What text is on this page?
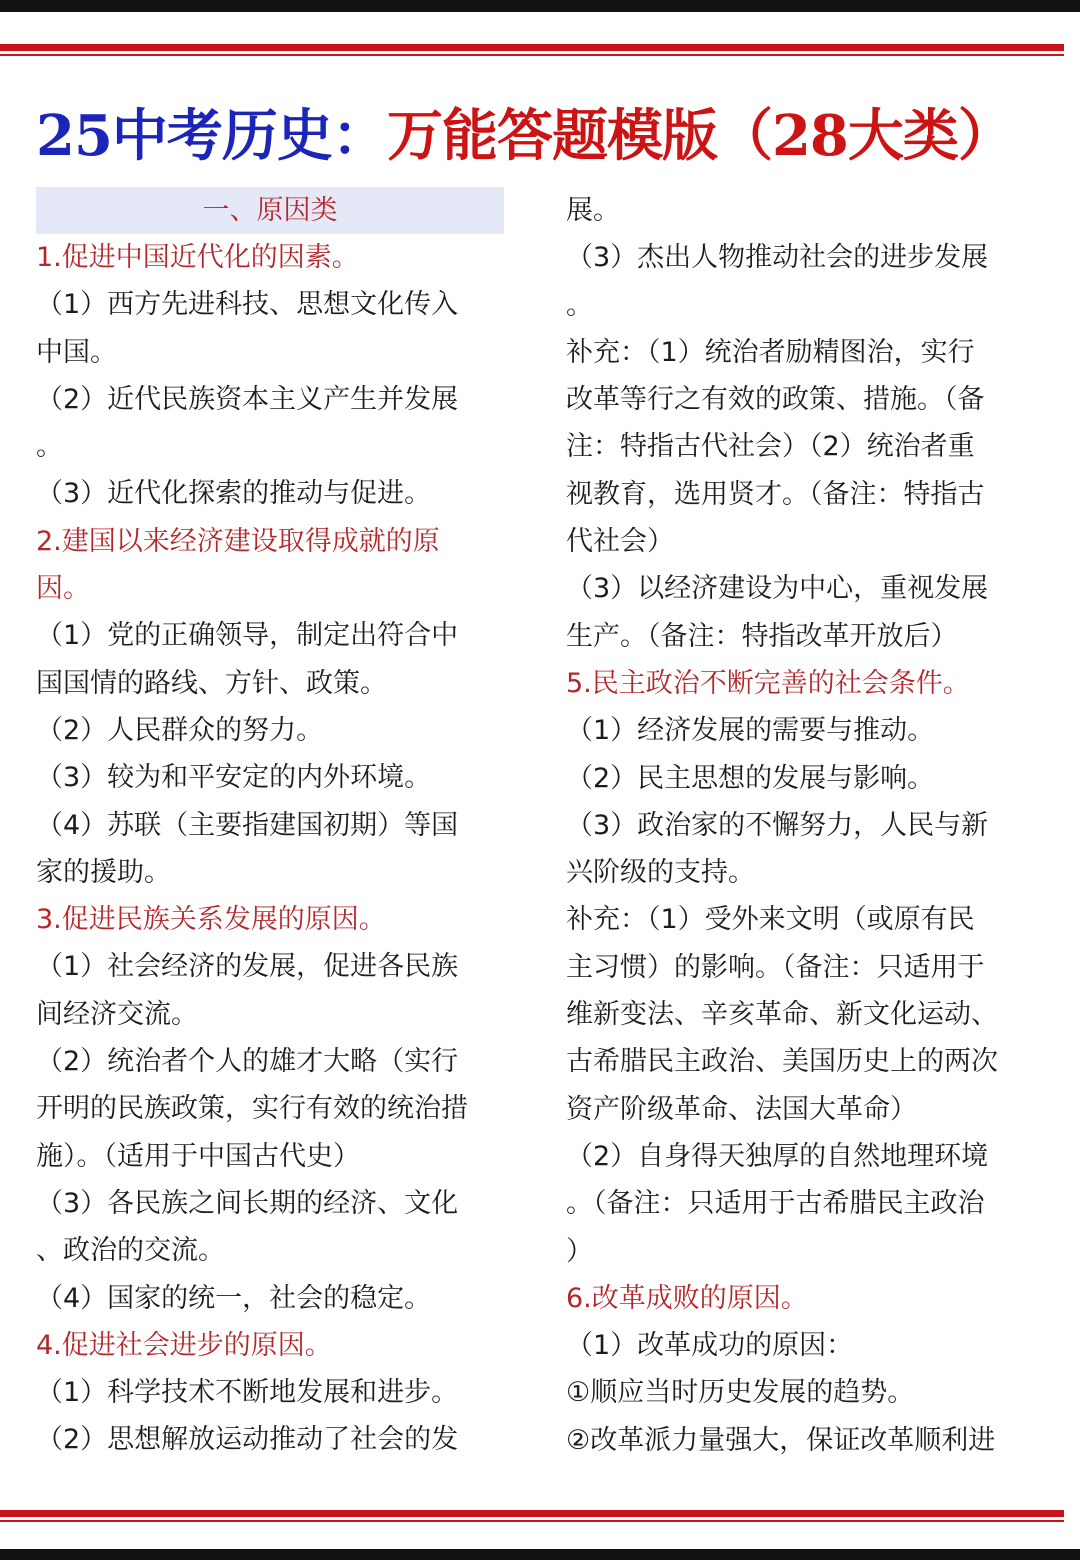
25中考历史：万能答题模版（28大类）
一、原因类
1.促进中国近代化的因素。
（1）西方先进科技、思想文化传入
中国。
（2）近代民族资本主义产生并发展
。
（3）近代化探索的推动与促进。
2.建国以来经济建设取得成就的原
因。
（1）党的正确领导，制定出符合中
国国情的路线、方针、政策。
（2）人民群众的努力。
（3）较为和平安定的内外环境。
（4）苏联（主要指建国初期）等国
家的援助。
3.促进民族关系发展的原因。
（1）社会经济的发展，促进各民族
间经济交流。
（2）统治者个人的雄才大略（实行
开明的民族政策，实行有效的统治措
施）。（适用于中国古代史）
（3）各民族之间长期的经济、文化
、政治的交流。
（4）国家的统一，社会的稳定。
4.促进社会进步的原因。
（1）科学技术不断地发展和进步。
（2）思想解放运动推动了社会的发
展。
（3）杰出人物推动社会的进步发展
。
补充：（1）统治者励精图治，实行
改革等行之有效的政策、措施。（备
注：特指古代社会）（2）统治者重
视教育，选用贤才。（备注：特指古
代社会）
（3）以经济建设为中心，重视发展
生产。（备注：特指改革开放后）
5.民主政治不断完善的社会条件。
（1）经济发展的需要与推动。
（2）民主思想的发展与影响。
（3）政治家的不懈努力，人民与新
兴阶级的支持。
补充：（1）受外来文明（或原有民
主习惯）的影响。（备注：只适用于
维新变法、辛亥革命、新文化运动、
古希腊民主政治、美国历史上的两次
资产阶级革命、法国大革命）
（2）自身得天独厚的自然地理环境
。（备注：只适用于古希腊民主政治
）
6.改革成败的原因。
（1）改革成功的原因：
①顺应当时历史发展的趋势。
②改革派力量强大，保证改革顺利进
